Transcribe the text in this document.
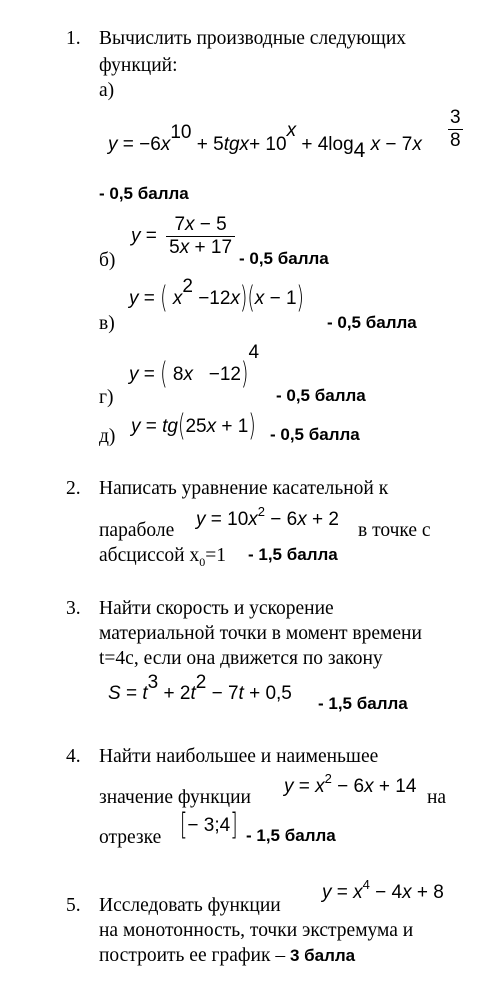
1. Вычислить производные следующих
функций:
а)
y = −6x10 + 5tgx+ 10x + 4log4 x − 7x
3
8
- 0,5 балла
б)
$y = \frac{7x - 5}{5x + 17} - 0,5$ балла
в)
y = ( x2 −12x)(x − 1)
- 0,5 балла
г)
y = ( 8x   −12)4
- 0,5 балла
д) y = tg(25x + 1) - 0,5 балла
2. Написать уравнение касательной к
параболе
$y = 10x^2 - 6x + 2$
в точке с
абсциссой $x_0=1 - 1,5$ балла
3. Найти скорость и ускорение
материальной точки в момент времени
t=4с, если она движется по закону
S = t3 + 2t2 − 7t + 0,5 - 1,5 балла
4. Найти наибольшее и наименьшее
значение функции
$y = x^2 - 6x + 14$
на
отрезке [− 3;4] - 1,5 балла
5. Исследовать функции
$y = x^4 - 4x + 8$
на монотонность, точки экстремума и
построить ее график – 3 балла
